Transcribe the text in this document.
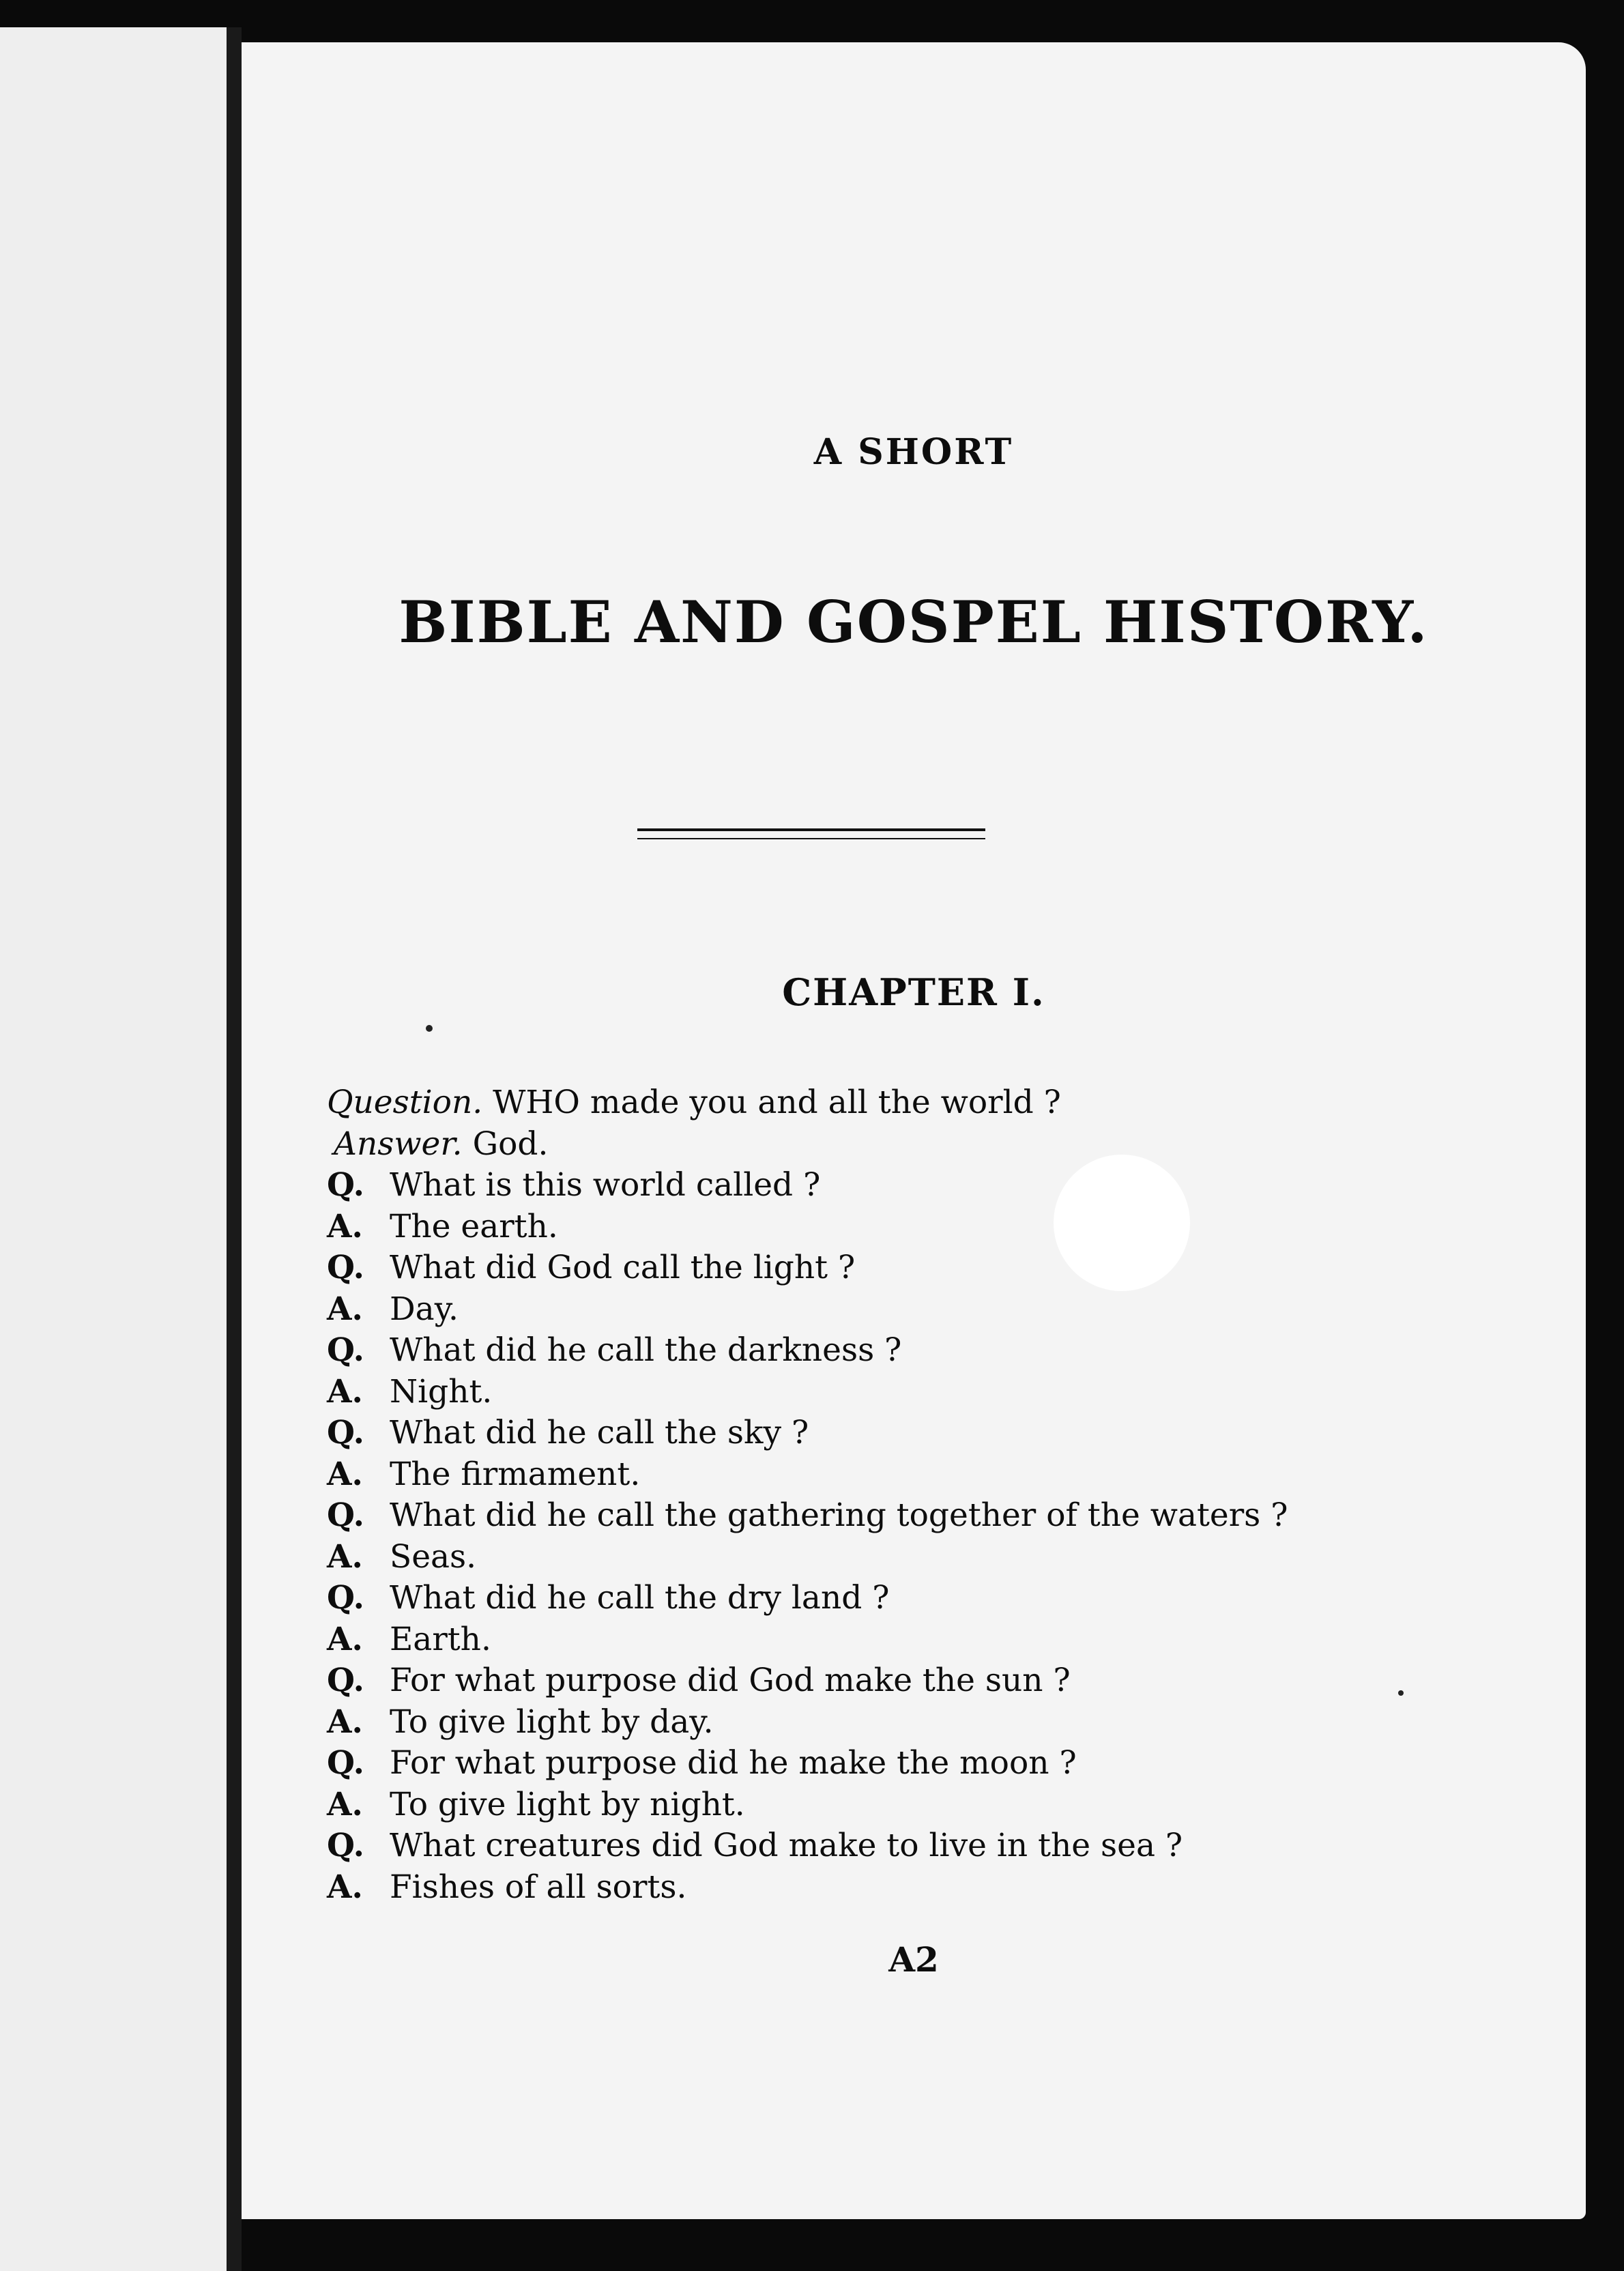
A SHORT
BIBLE AND GOSPEL HISTORY.
CHAPTER I.
Question. WHO made you and all the world ?
Answer. God.
Q. What is this world called ?
A. The earth.
Q. What did God call the light ?
A. Day.
Q. What did he call the darkness ?
A. Night.
Q. What did he call the sky ?
A. The firmament.
Q. What did he call the gathering together of the waters ?
A. Seas.
Q. What did he call the dry land ?
A. Earth.
Q. For what purpose did God make the sun ?
A. To give light by day.
Q. For what purpose did he make the moon ?
A. To give light by night.
Q. What creatures did God make to live in the sea ?
A. Fishes of all sorts.
A2
